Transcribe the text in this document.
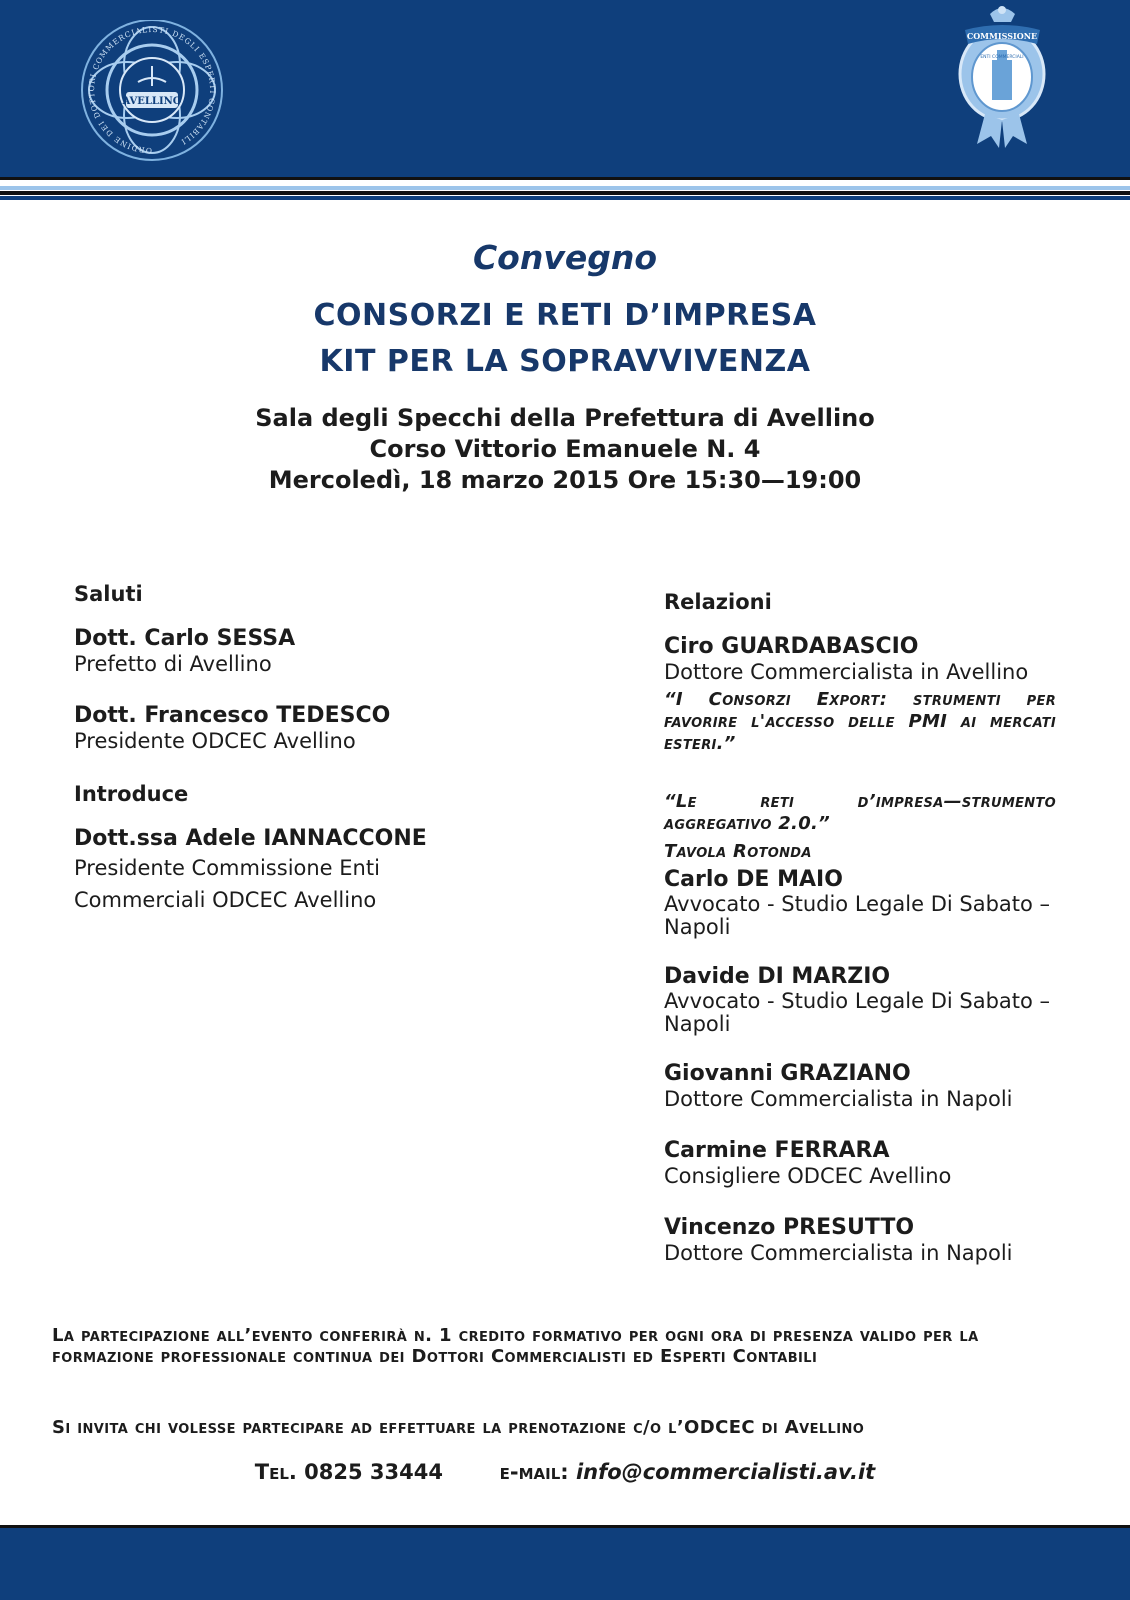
AVELLINO
ORDINE DEI DOTTORI COMMERCIALISTI DEGLI ESPERTI CONTABILI
COMMISSIONE
ENTI COMMERCIALI
Convegno
CONSORZI E RETI D’IMPRESA
KIT PER LA SOPRAVVIVENZA
Sala degli Specchi della Prefettura di Avellino
Corso Vittorio Emanuele N. 4
Mercoledì, 18 marzo 2015 Ore 15:30—19:00

Saluti

Dott. Carlo SESSA

Prefetto di Avellino

Dott. Francesco TEDESCO

Presidente ODCEC Avellino

Introduce

Dott.ssa Adele IANNACCONE

Presidente Commissione Enti

Commerciali ODCEC Avellino

Relazioni

Ciro GUARDABASCIO

Dottore Commercialista in Avellino

“I Consorzi Export: strumenti per favorire l'accesso delle PMI ai mercati esteri.”

“Le reti d’impresa—strumento aggregativo 2.0.”

Tavola Rotonda

Carlo DE MAIO

Avvocato - Studio Legale Di Sabato –

Napoli

Davide DI MARZIO

Avvocato - Studio Legale Di Sabato –

Napoli

Giovanni GRAZIANO

Dottore Commercialista in Napoli

Carmine FERRARA

Consigliere ODCEC Avellino

Vincenzo PRESUTTO

Dottore Commercialista in Napoli

La partecipazione all’evento conferirà n. 1 credito formativo per ogni ora di presenza valido per la formazione professionale continua dei Dottori Commercialisti ed Esperti Contabili
Si invita chi volesse partecipare ad effettuare la prenotazione c/o l’ODCEC di Avellino
Tel. 0825 33444	e-mail: info@commercialisti.av.it
